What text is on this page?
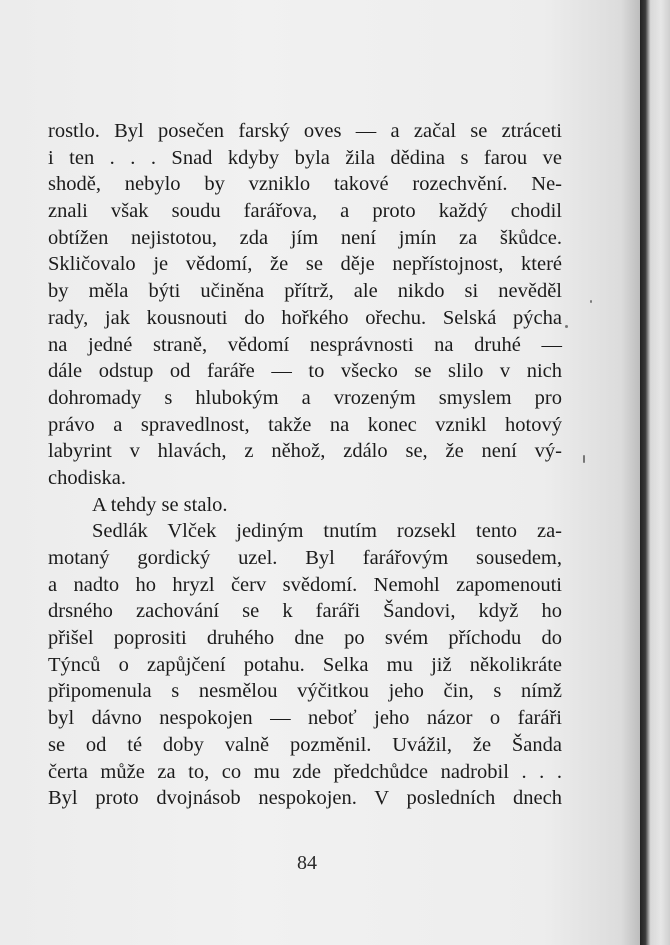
rostlo. Byl posečen farský oves — a začal se ztráceti
i ten . . . Snad kdyby byla žila dědina s farou ve
shodě, nebylo by vzniklo takové rozechvění. Ne-
znali však soudu farářova, a proto každý chodil
obtížen nejistotou, zda jím není jmín za škůdce.
Skličovalo je vědomí, že se děje nepřístojnost, které
by měla býti učiněna přítrž, ale nikdo si nevěděl
rady, jak kousnouti do hořkého ořechu. Selská pýcha
na jedné straně, vědomí nesprávnosti na druhé —
dále odstup od faráře — to všecko se slilo v nich
dohromady s hlubokým a vrozeným smyslem pro
právo a spravedlnost, takže na konec vznikl hotový
labyrint v hlavách, z něhož, zdálo se, že není vý-
chodiska.
A tehdy se stalo.
Sedlák Vlček jediným tnutím rozsekl tento za-
motaný gordický uzel. Byl farářovým sousedem,
a nadto ho hryzl červ svědomí. Nemohl zapomenouti
drsného zachování se k faráři Šandovi, když ho
přišel poprositi druhého dne po svém příchodu do
Týnců o zapůjčení potahu. Selka mu již několikráte
připomenula s nesmělou výčitkou jeho čin, s nímž
byl dávno nespokojen — neboť jeho názor o faráři
se od té doby valně pozměnil. Uvážil, že Šanda
čerta může za to, co mu zde předchůdce nadrobil . . .
Byl proto dvojnásob nespokojen. V posledních dnech
84
